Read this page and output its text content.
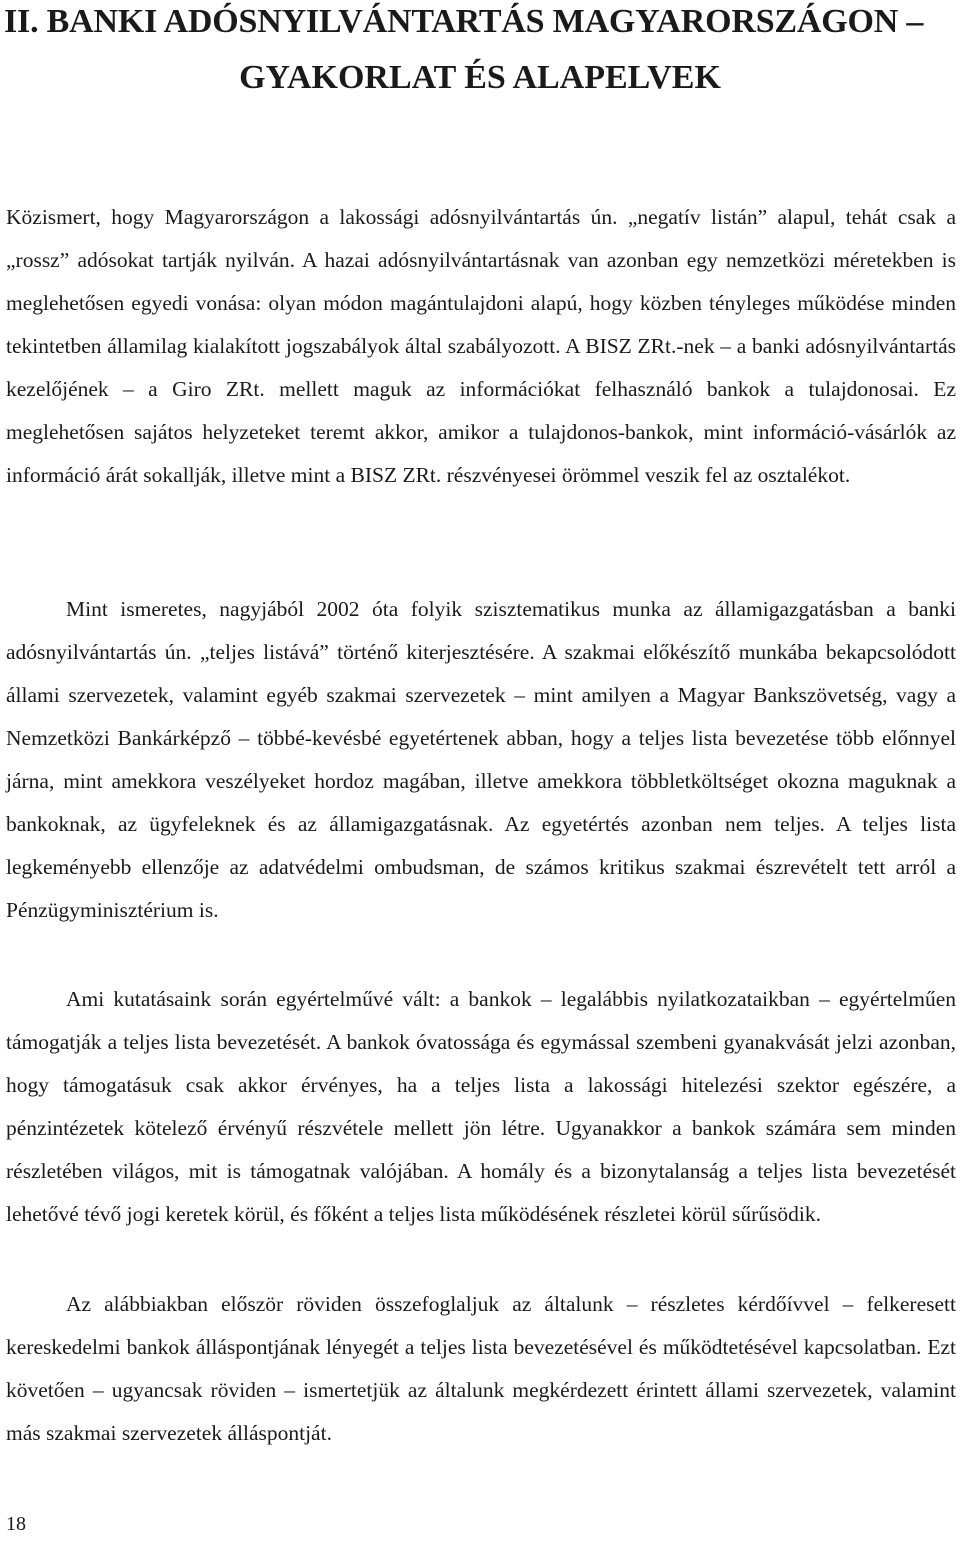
II. BANKI ADÓSNYILVÁNTARTÁS MAGYARORSZÁGON –
GYAKORLAT ÉS ALAPELVEK

Közismert, hogy Magyarországon a lakossági adósnyilvántartás ún. „negatív listán” alapul, tehát csak a „rossz” adósokat tartják nyilván. A hazai adósnyilvántartásnak van azonban egy nemzetközi méretekben is meglehetősen egyedi vonása: olyan módon magántulajdoni alapú, hogy közben tényleges működése minden tekintetben államilag kialakított jogszabályok által szabályozott. A BISZ ZRt.-nek – a banki adósnyilvántartás kezelőjének – a Giro ZRt. mellett maguk az információkat felhasználó bankok a tulajdonosai. Ez meglehetősen sajátos helyzeteket teremt akkor, amikor a tulajdonos-bankok, mint információ-vásárlók az információ árát sokallják, illetve mint a BISZ ZRt. részvényesei örömmel veszik fel az osztalékot.

Mint ismeretes, nagyjából 2002 óta folyik szisztematikus munka az államigazgatásban a banki adósnyilvántartás ún. „teljes listává” történő kiterjesztésére. A szakmai előkészítő munkába bekapcsolódott állami szervezetek, valamint egyéb szakmai szervezetek – mint amilyen a Magyar Bankszövetség, vagy a Nemzetközi Bankárképző – többé-kevésbé egyetértenek abban, hogy a teljes lista bevezetése több előnnyel járna, mint amekkora veszélyeket hordoz magában, illetve amekkora többletköltséget okozna maguknak a bankoknak, az ügyfeleknek és az államigazgatásnak. Az egyetértés azonban nem teljes. A teljes lista legkeményebb ellenzője az adatvédelmi ombudsman, de számos kritikus szakmai észrevételt tett arról a Pénzügyminisztérium is.

Ami kutatásaink során egyértelművé vált: a bankok – legalábbis nyilatkozataikban – egyértelműen támogatják a teljes lista bevezetését. A bankok óvatossága és egymással szembeni gyanakvását jelzi azonban, hogy támogatásuk csak akkor érvényes, ha a teljes lista a lakossági hitelezési szektor egészére, a pénzintézetek kötelező érvényű részvétele mellett jön létre. Ugyanakkor a bankok számára sem minden részletében világos, mit is támogatnak valójában. A homály és a bizonytalanság a teljes lista bevezetését lehetővé tévő jogi keretek körül, és főként a teljes lista működésének részletei körül sűrűsödik.

Az alábbiakban először röviden összefoglaljuk az általunk – részletes kérdőívvel – felkeresett kereskedelmi bankok álláspontjának lényegét a teljes lista bevezetésével és működtetésével kapcsolatban. Ezt követően – ugyancsak röviden – ismertetjük az általunk megkérdezett érintett állami szervezetek, valamint más szakmai szervezetek álláspontját.

18
